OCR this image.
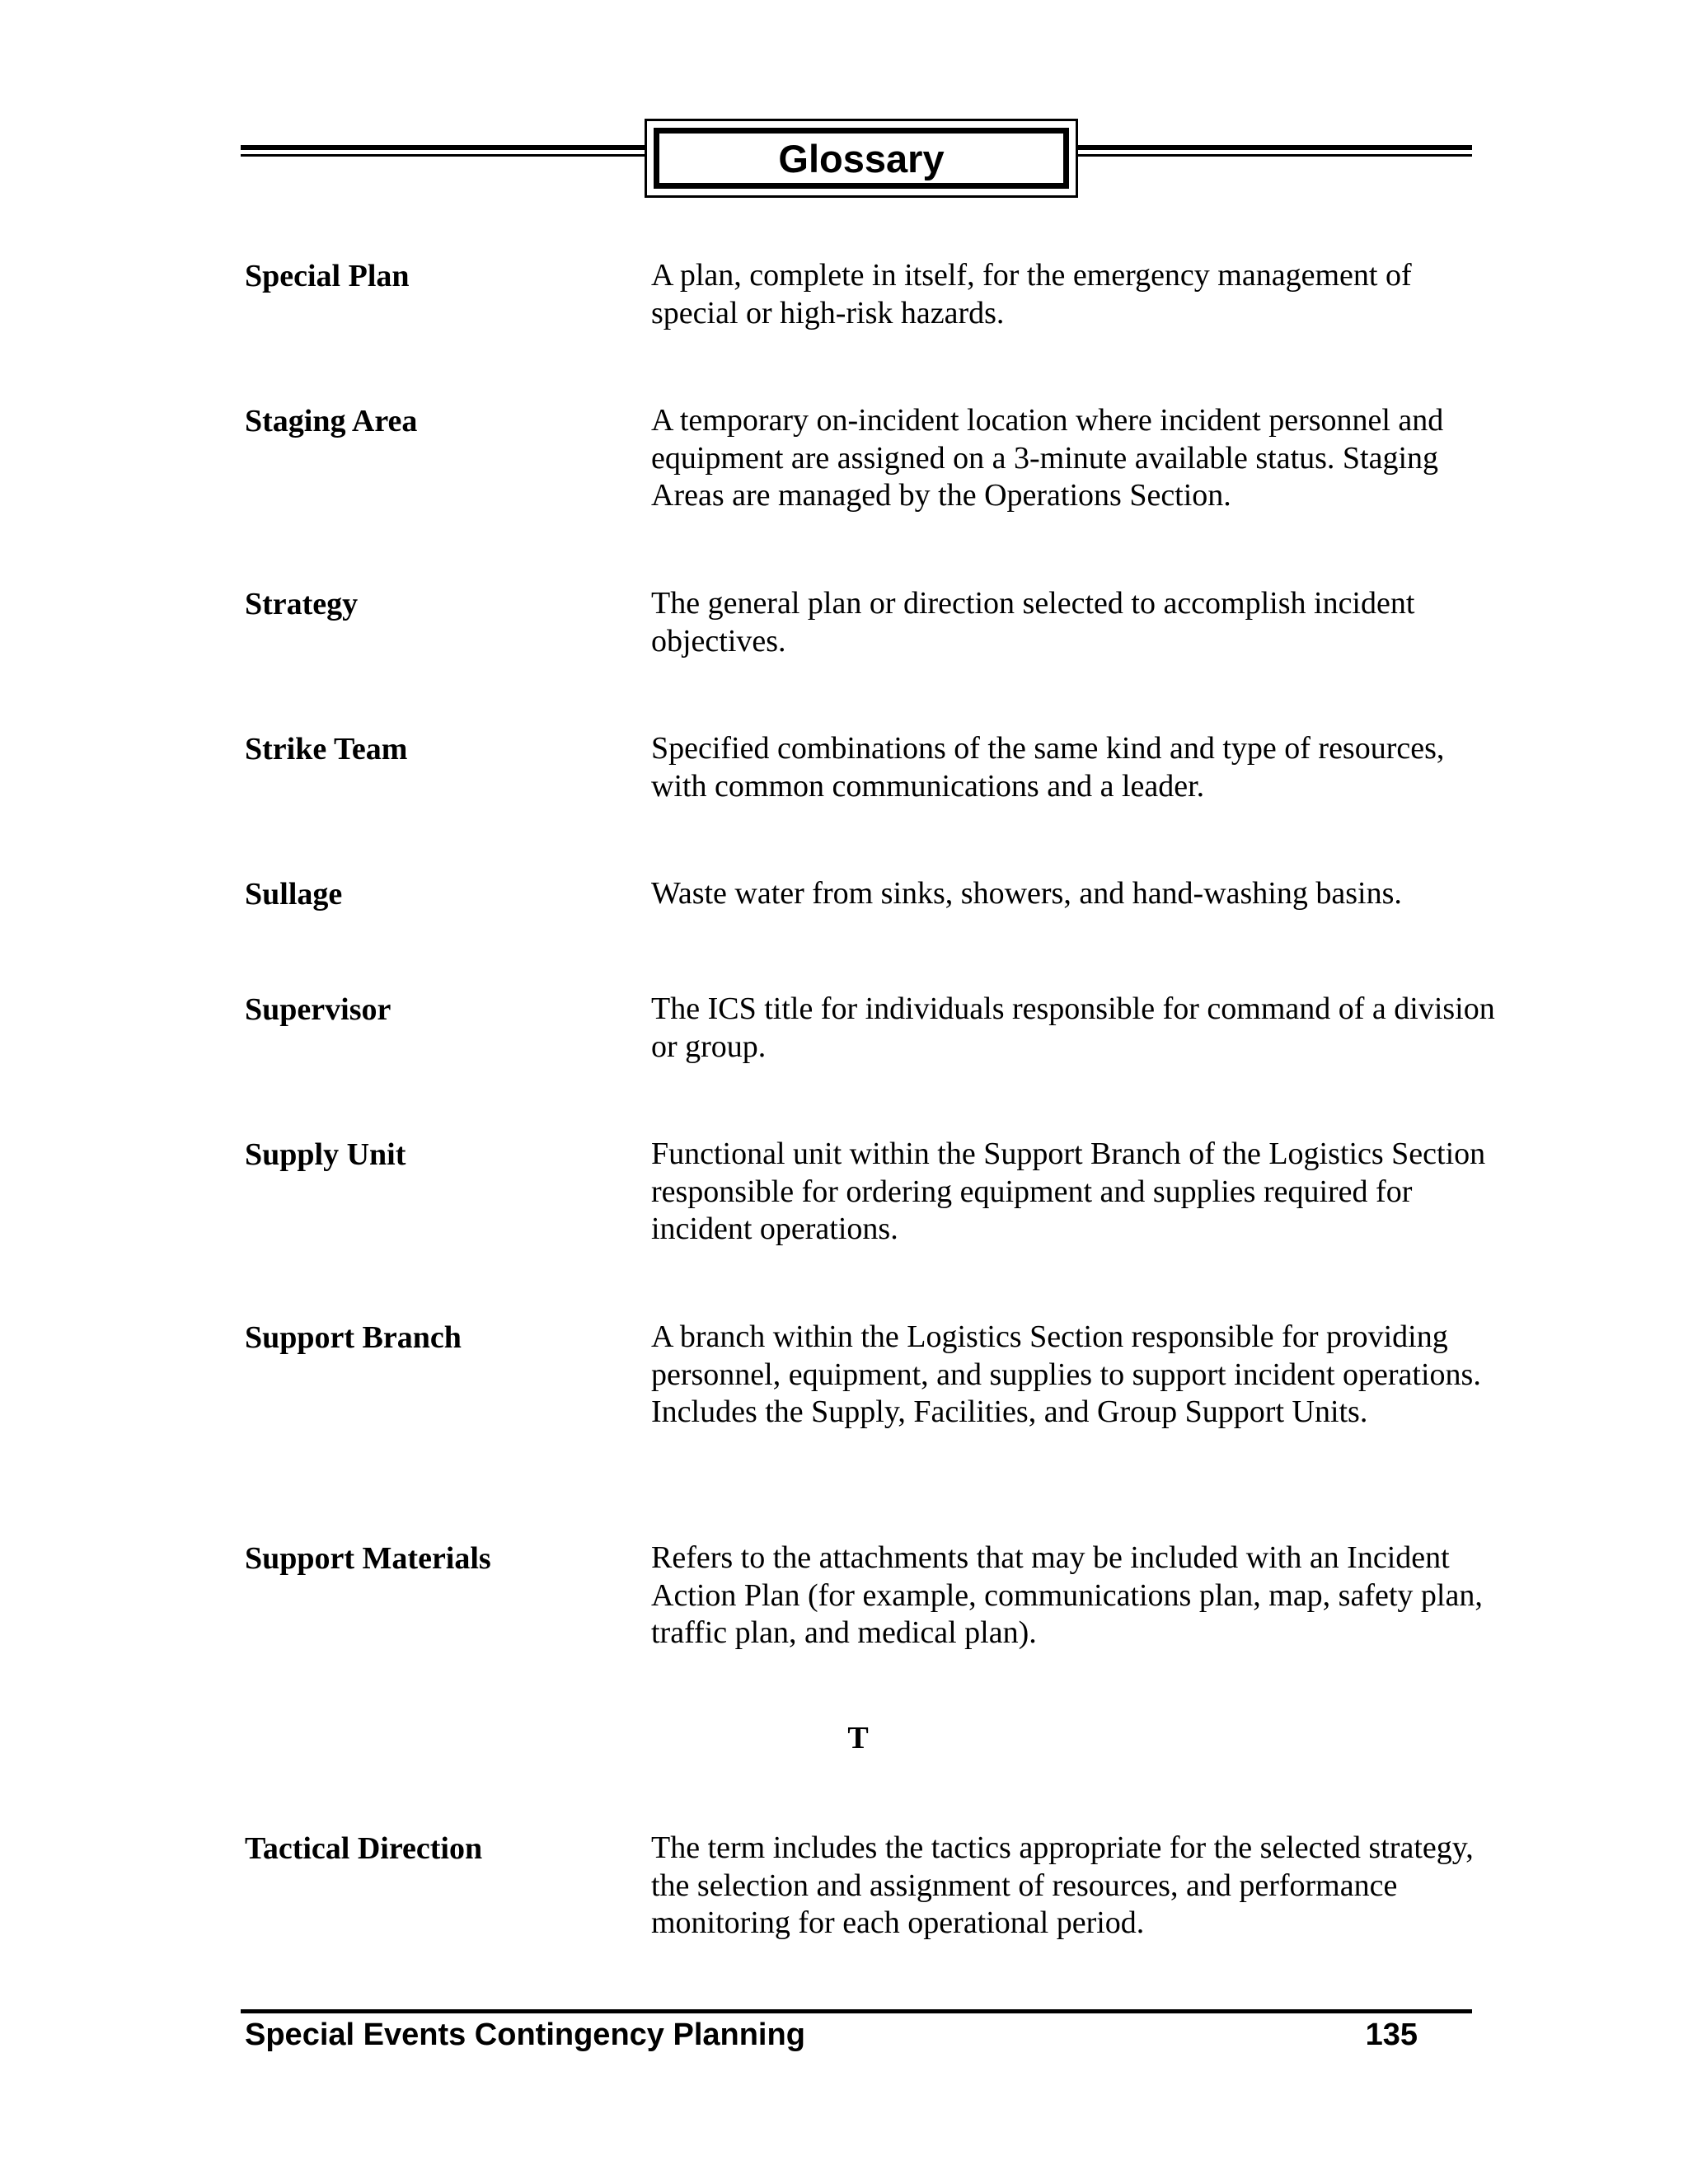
Glossary
Special Plan	A plan, complete in itself, for the emergency management of special or high-risk hazards.
Staging Area	A temporary on-incident location where incident personnel and equipment are assigned on a 3-minute available status. Staging Areas are managed by the Operations Section.
Strategy	The general plan or direction selected to accomplish incident objectives.
Strike Team	Specified combinations of the same kind and type of resources, with common communications and a leader.
Sullage	Waste water from sinks, showers, and hand-washing basins.
Supervisor	The ICS title for individuals responsible for command of a division or group.
Supply Unit	Functional unit within the Support Branch of the Logistics Section responsible for ordering equipment and supplies required for incident operations.
Support Branch	A branch within the Logistics Section responsible for providing personnel, equipment, and supplies to support incident operations. Includes the Supply, Facilities, and Group Support Units.
Support Materials	Refers to the attachments that may be included with an Incident Action Plan (for example, communications plan, map, safety plan, traffic plan, and medical plan).
T
Tactical Direction	The term includes the tactics appropriate for the selected strategy, the selection and assignment of resources, and performance monitoring for each operational period.
Special Events Contingency Planning	135
